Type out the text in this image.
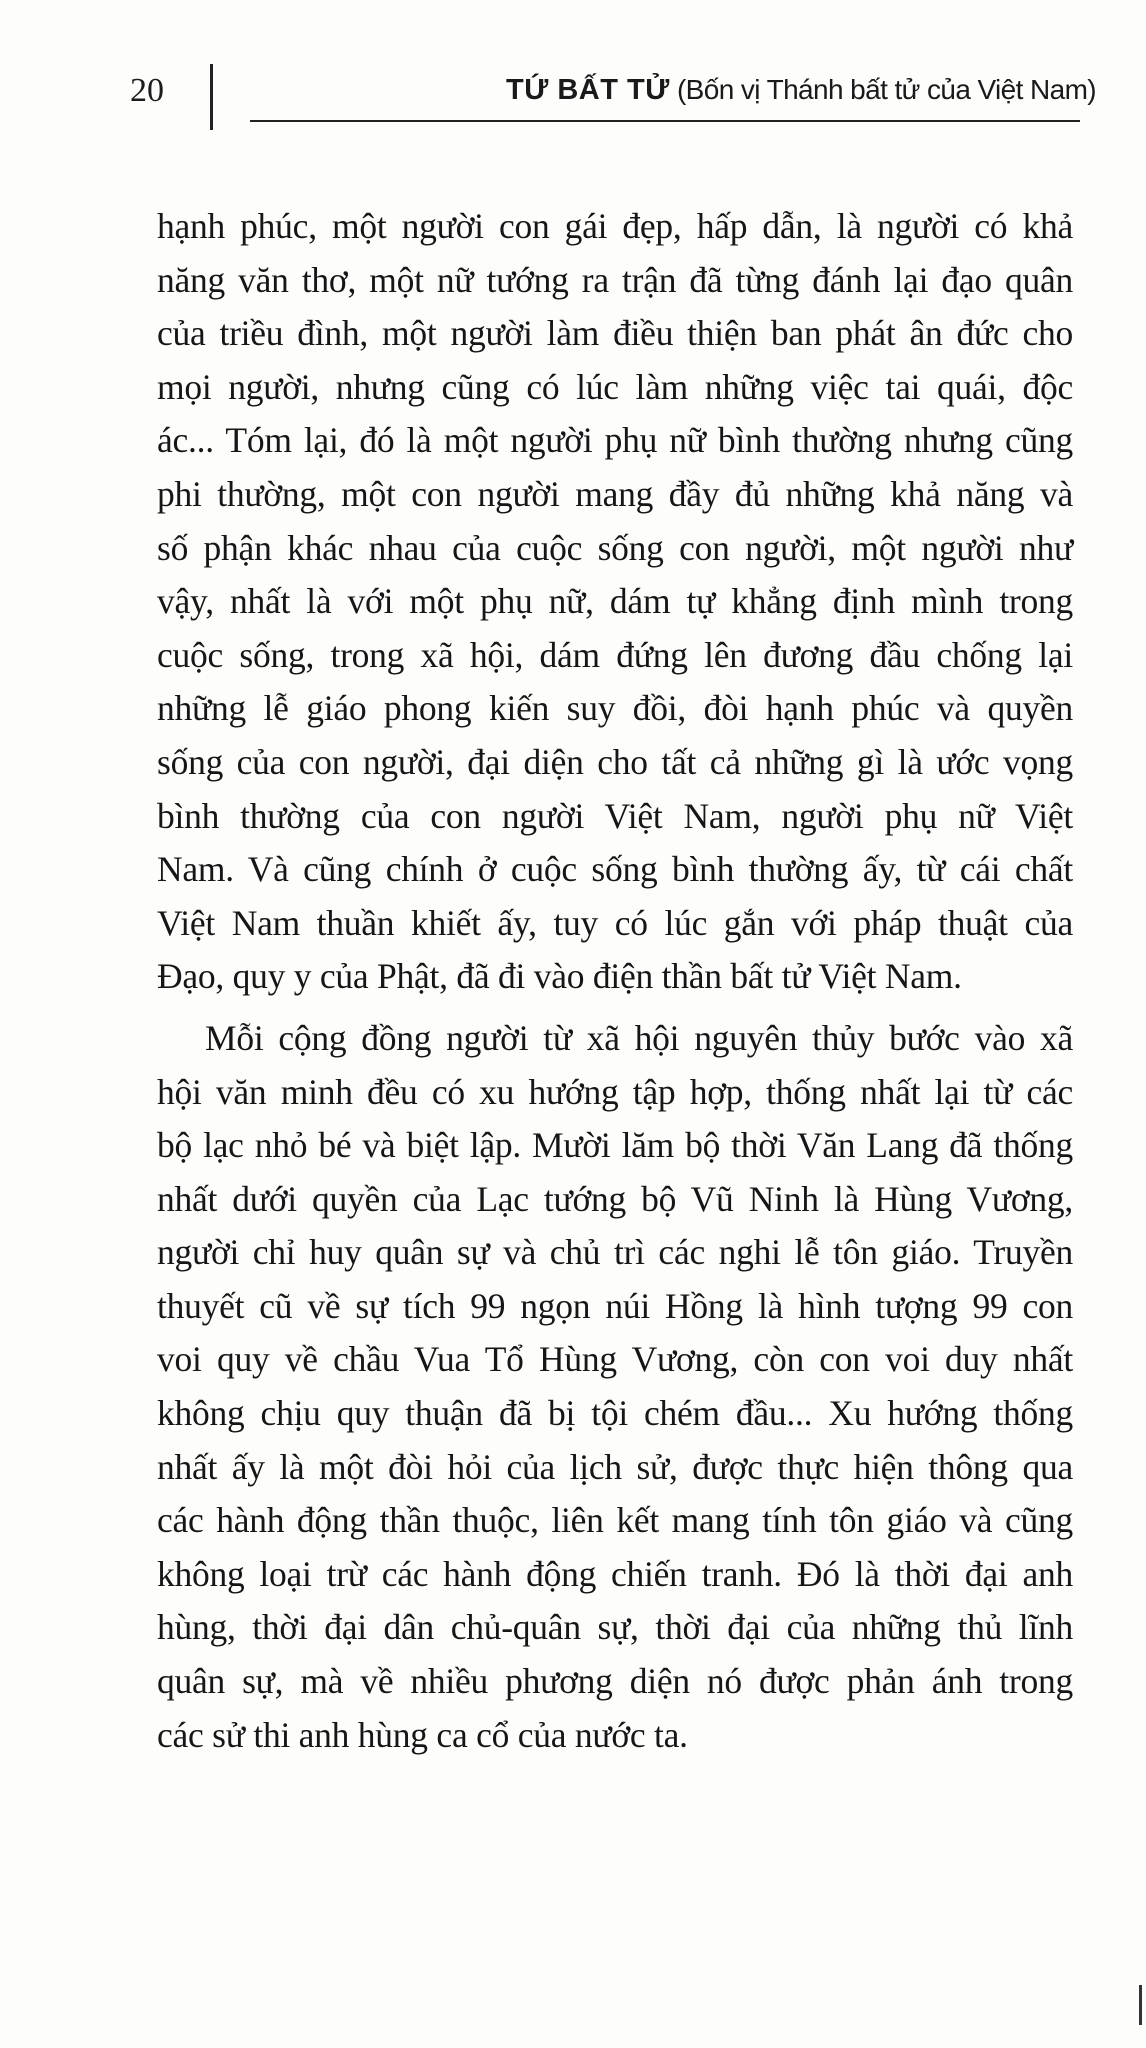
20	TỨ BẤT TỬ (Bốn vị Thánh bất tử của Việt Nam)
hạnh phúc, một người con gái đẹp, hấp dẫn, là người có khả
năng văn thơ, một nữ tướng ra trận đã từng đánh lại đạo quân
của triều đình, một người làm điều thiện ban phát ân đức cho
mọi người, nhưng cũng có lúc làm những việc tai quái, độc
ác... Tóm lại, đó là một người phụ nữ bình thường nhưng cũng
phi thường, một con người mang đầy đủ những khả năng và
số phận khác nhau của cuộc sống con người, một người như
vậy, nhất là với một phụ nữ, dám tự khẳng định mình trong
cuộc sống, trong xã hội, dám đứng lên đương đầu chống lại
những lễ giáo phong kiến suy đồi, đòi hạnh phúc và quyền
sống của con người, đại diện cho tất cả những gì là ước vọng
bình thường của con người Việt Nam, người phụ nữ Việt
Nam. Và cũng chính ở cuộc sống bình thường ấy, từ cái chất
Việt Nam thuần khiết ấy, tuy có lúc gắn với pháp thuật của
Đạo, quy y của Phật, đã đi vào điện thần bất tử Việt Nam.
Mỗi cộng đồng người từ xã hội nguyên thủy bước vào xã
hội văn minh đều có xu hướng tập hợp, thống nhất lại từ các
bộ lạc nhỏ bé và biệt lập. Mười lăm bộ thời Văn Lang đã thống
nhất dưới quyền của Lạc tướng bộ Vũ Ninh là Hùng Vương,
người chỉ huy quân sự và chủ trì các nghi lễ tôn giáo. Truyền
thuyết cũ về sự tích 99 ngọn núi Hồng là hình tượng 99 con
voi quy về chầu Vua Tổ Hùng Vương, còn con voi duy nhất
không chịu quy thuận đã bị tội chém đầu... Xu hướng thống
nhất ấy là một đòi hỏi của lịch sử, được thực hiện thông qua
các hành động thần thuộc, liên kết mang tính tôn giáo và cũng
không loại trừ các hành động chiến tranh. Đó là thời đại anh
hùng, thời đại dân chủ-quân sự, thời đại của những thủ lĩnh
quân sự, mà về nhiều phương diện nó được phản ánh trong
các sử thi anh hùng ca cổ của nước ta.
